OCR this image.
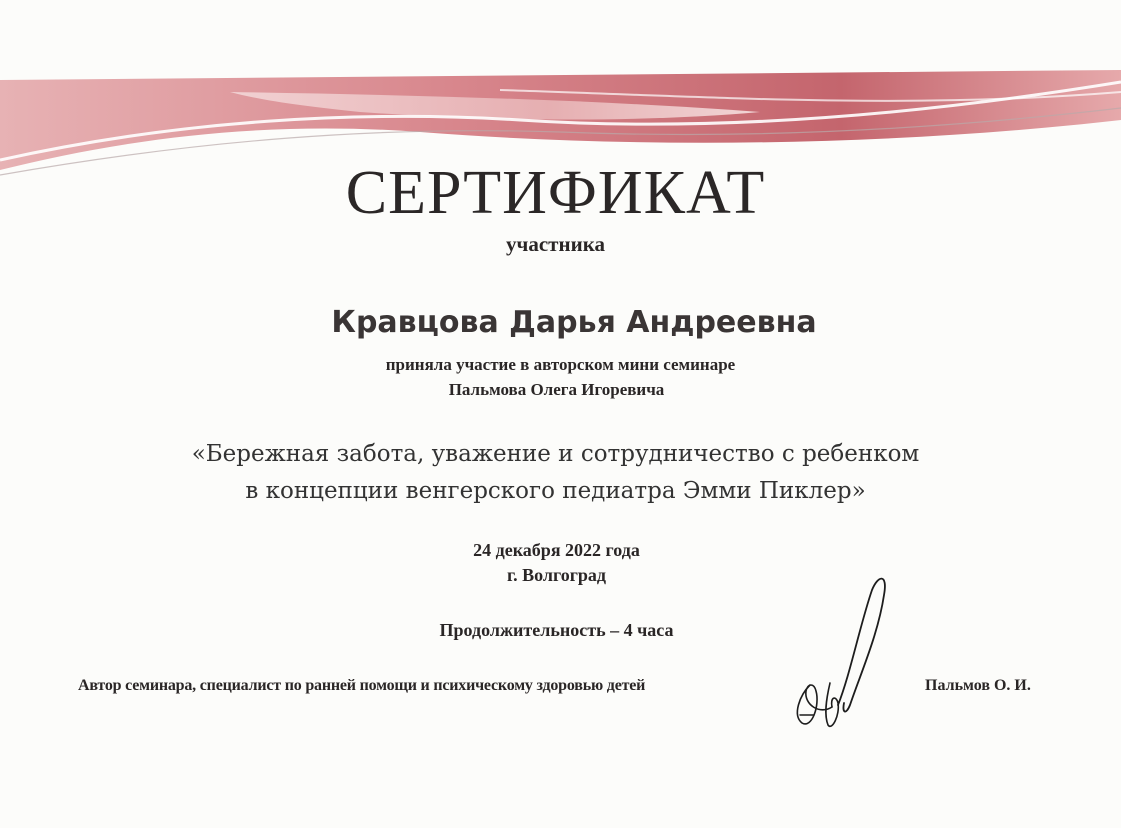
СЕРТИФИКАТ
участника
Кравцова Дарья Андреевна
приняла участие в авторском мини семинаре
Пальмова Олега Игоревича
«Бережная забота, уважение и сотрудничество с ребенком
в концепции венгерского педиатра Эмми Пиклер»
24 декабря 2022 года
г. Волгоград
Продолжительность – 4 часа
Автор семинара, специалист по ранней помощи и психическому здоровью детей	Пальмов О. И.
